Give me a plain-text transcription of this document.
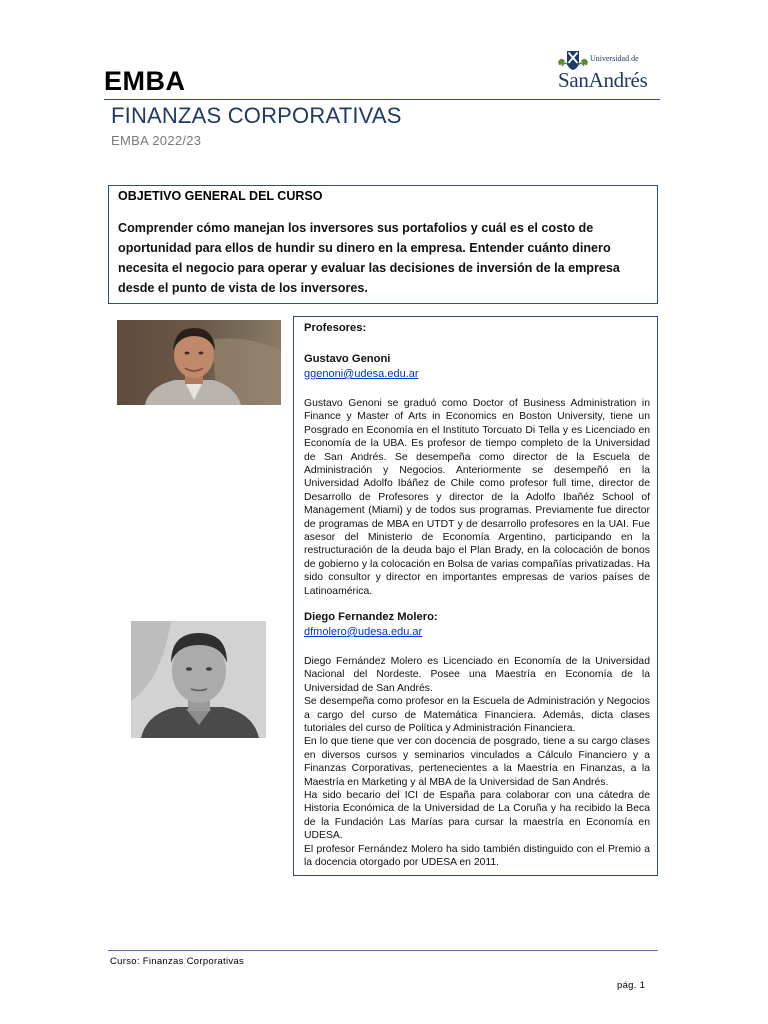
EMBA
FINANZAS CORPORATIVAS
EMBA 2022/23
Universidad de
SanAndrés
OBJETIVO GENERAL DEL CURSO
Comprender cómo manejan los inversores sus portafolios y cuál es el costo de oportunidad para ellos de hundir su dinero en la empresa. Entender cuánto dinero necesita el negocio para operar y evaluar las decisiones de inversión de la empresa desde el punto de vista de los inversores.
Profesores:
Gustavo Genoni
ggenoni@udesa.edu.ar
Gustavo Genoni se graduó como Doctor of Business Administration in Finance y Master of Arts in Economics en Boston University, tiene un Posgrado en Economía en el Instituto Torcuato Di Tella y es Licenciado en Economía de la UBA. Es profesor de tiempo completo de la Universidad de San Andrés. Se desempeña como director de la Escuela de Administración y Negocios. Anteriormente se desempeñó en la Universidad Adolfo Ibáñez de Chile como profesor full time, director de Desarrollo de Profesores y director de la Adolfo Ibañéz School of Management (Miami) y de todos sus programas. Previamente fue director de programas de MBA en UTDT y de desarrollo profesores en la UAI. Fue asesor del Ministerio de Economía Argentino, participando en la restructuración de la deuda bajo el Plan Brady, en la colocación de bonos de gobierno y la colocación en Bolsa de varias compañías privatizadas. Ha sido consultor y director en importantes empresas de varios países de Latinoamérica.
Diego Fernandez Molero:
dfmolero@udesa.edu.ar
Diego Fernández Molero es Licenciado en Economía de la Universidad Nacional del Nordeste. Posee una Maestría en Economía de la Universidad de San Andrés.
Se desempeña como profesor en la Escuela de Administración y Negocios a cargo del curso de Matemática Financiera. Además, dicta clases tutoriales del curso de Política y Administración Financiera.
En lo que tiene que ver con docencia de posgrado, tiene a su cargo clases en diversos cursos y seminarios vinculados a Cálculo Financiero y a Finanzas Corporativas, pertenecientes a la Maestría en Finanzas, a la Maestría en Marketing y al MBA de la Universidad de San Andrés.
Ha sido becario del ICI de España para colaborar con una cátedra de Historia Económica de la Universidad de La Coruña y ha recibido la Beca de la Fundación Las Marías para cursar la maestría en Economía en UDESA.
El profesor Fernández Molero ha sido también distinguido con el Premio a la docencia otorgado por UDESA en 2011.
Curso: Finanzas Corporativas
pág. 1
